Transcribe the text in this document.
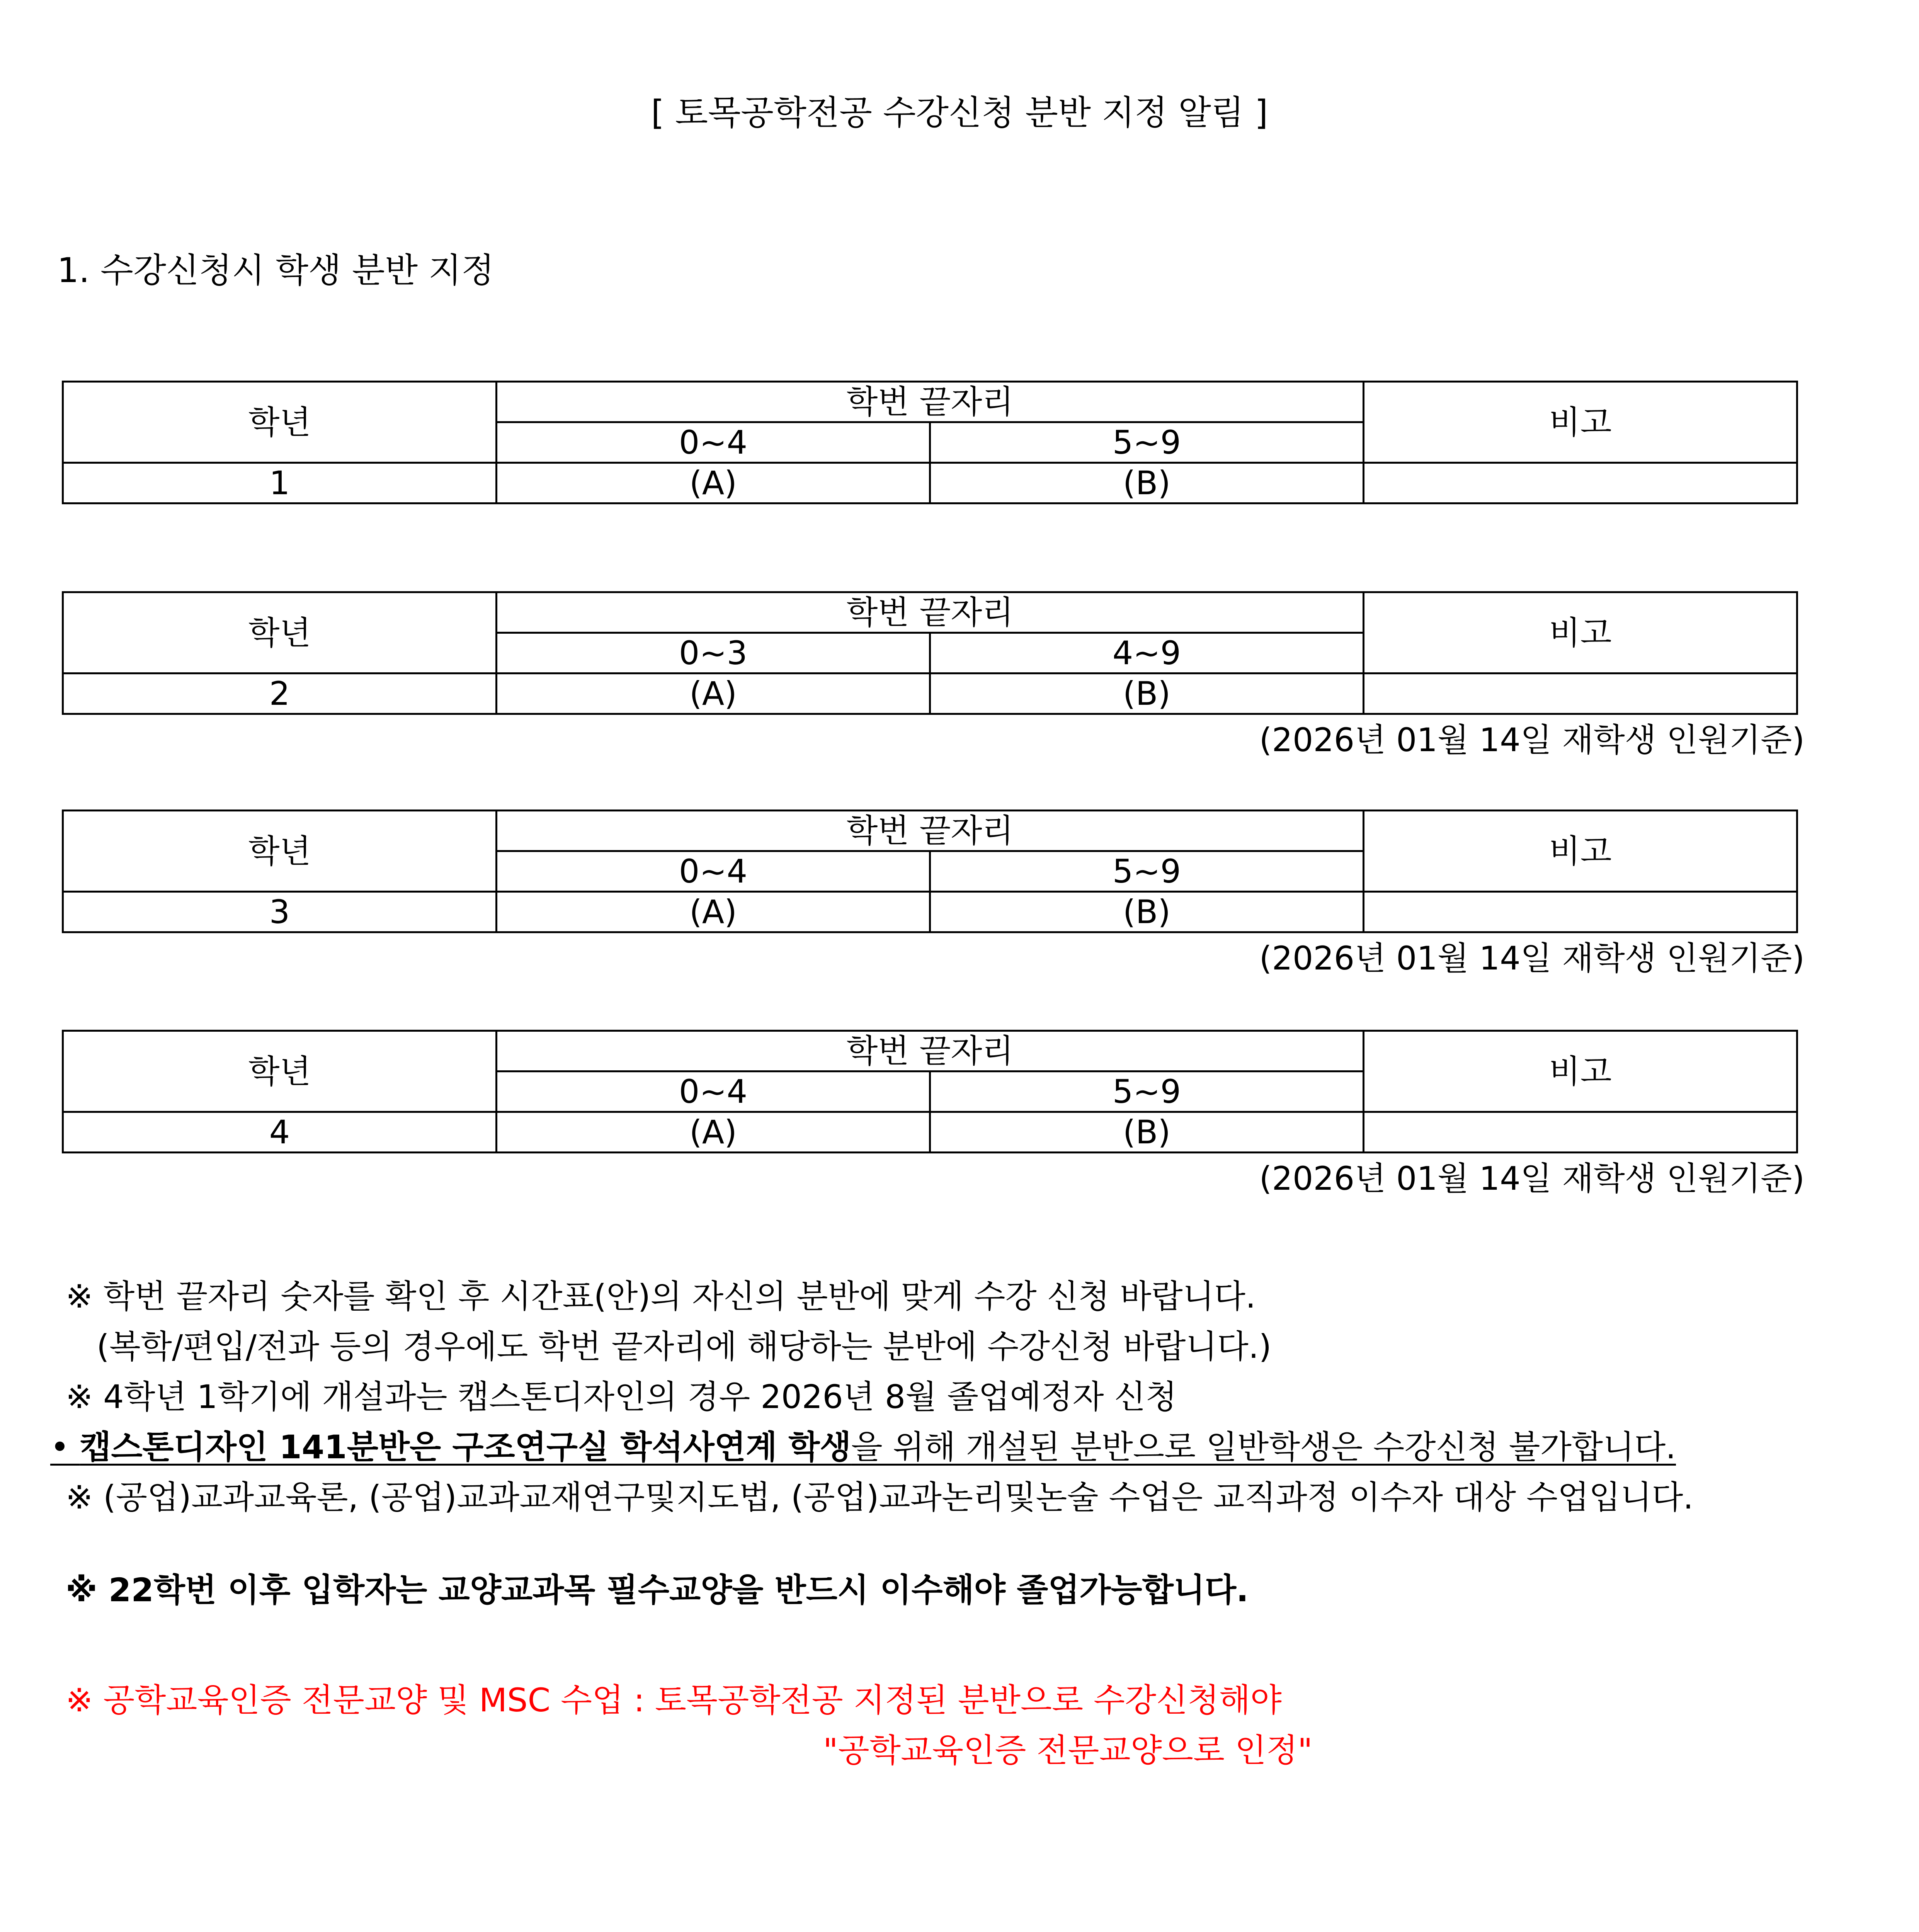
[ 토목공학전공 수강신청 분반 지정 알림 ]
1. 수강신청시 학생 분반 지정
학년	학번 끝자리		비고
	0~4	5~9	
1	(A)	(B)	
학년	학번 끝자리		비고
	0~3	4~9	
2	(A)	(B)	
(2026년 01월 14일 재학생 인원기준)
학년	학번 끝자리		비고
	0~4	5~9	
3	(A)	(B)	
(2026년 01월 14일 재학생 인원기준)
학년	학번 끝자리		비고
	0~4	5~9	
4	(A)	(B)	
(2026년 01월 14일 재학생 인원기준)
※ 학번 끝자리 숫자를 확인 후 시간표(안)의 자신의 분반에 맞게 수강 신청 바랍니다.
(복학/편입/전과 등의 경우에도 학번 끝자리에 해당하는 분반에 수강신청 바랍니다.)
※ 4학년 1학기에 개설과는 캡스톤디자인의 경우 2026년 8월 졸업예정자 신청
• 캡스톤디자인 141분반은 구조연구실 학석사연계 학생을 위해 개설된 분반으로 일반학생은 수강신청 불가합니다.
※ (공업)교과교육론, (공업)교과교재연구및지도법, (공업)교과논리및논술 수업은 교직과정 이수자 대상 수업입니다.
※ 22학번 이후 입학자는 교양교과목 필수교양을 반드시 이수해야 졸업가능합니다.
※ 공학교육인증 전문교양 및 MSC 수업 : 토목공학전공 지정된 분반으로 수강신청해야
"공학교육인증 전문교양으로 인정"
